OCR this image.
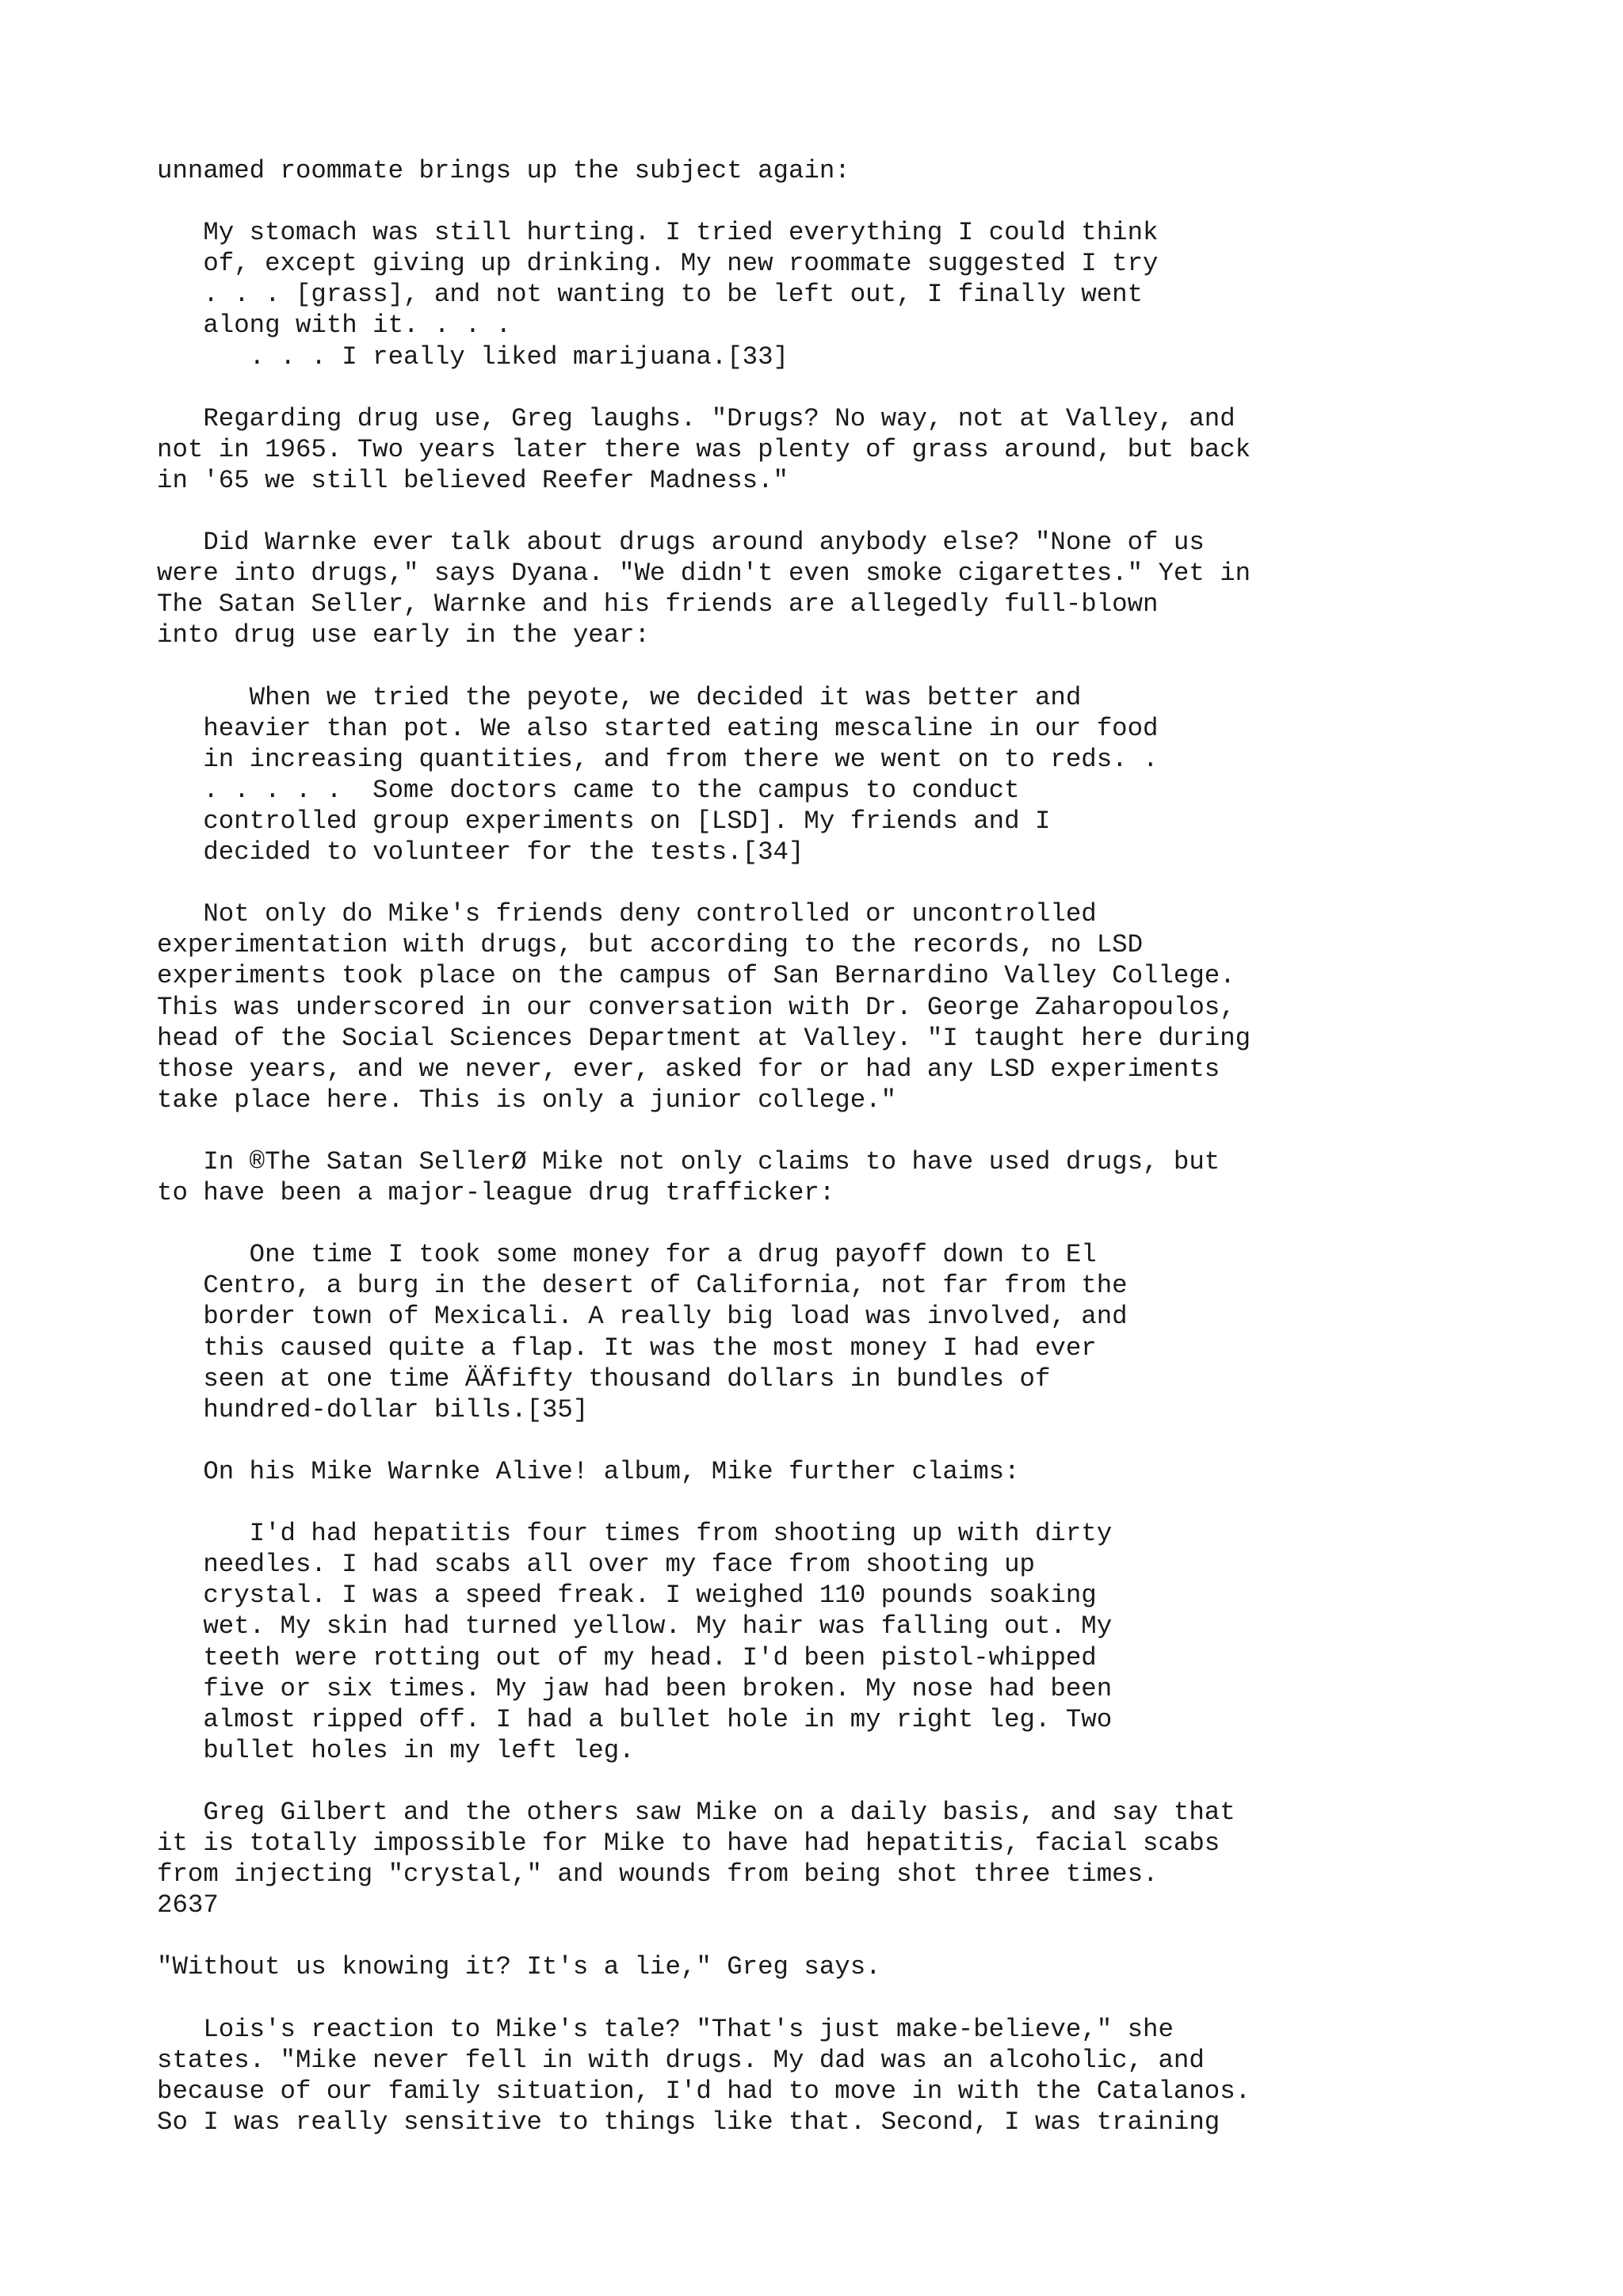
unnamed roommate brings up the subject again:
My stomach was still hurting. I tried everything I could think
of, except giving up drinking. My new roommate suggested I try
. . . [grass], and not wanting to be left out, I finally went
along with it. . . .
. . . I really liked marijuana.[33]
Regarding drug use, Greg laughs. "Drugs? No way, not at Valley, and
not in 1965. Two years later there was plenty of grass around, but back
in '65 we still believed Reefer Madness."
Did Warnke ever talk about drugs around anybody else? "None of us
were into drugs," says Dyana. "We didn't even smoke cigarettes." Yet in
The Satan Seller, Warnke and his friends are allegedly full-blown
into drug use early in the year:
When we tried the peyote, we decided it was better and
heavier than pot. We also started eating mescaline in our food
in increasing quantities, and from there we went on to reds. .
. . . . .  Some doctors came to the campus to conduct
controlled group experiments on [LSD]. My friends and I
decided to volunteer for the tests.[34]
Not only do Mike's friends deny controlled or uncontrolled
experimentation with drugs, but according to the records, no LSD
experiments took place on the campus of San Bernardino Valley College.
This was underscored in our conversation with Dr. George Zaharopoulos,
head of the Social Sciences Department at Valley. "I taught here during
those years, and we never, ever, asked for or had any LSD experiments
take place here. This is only a junior college."
In ®The Satan SellerØ Mike not only claims to have used drugs, but
to have been a major-league drug trafficker:
One time I took some money for a drug payoff down to El
Centro, a burg in the desert of California, not far from the
border town of Mexicali. A really big load was involved, and
this caused quite a flap. It was the most money I had ever
seen at one time ÄÄfifty thousand dollars in bundles of
hundred-dollar bills.[35]
On his Mike Warnke Alive! album, Mike further claims:
I'd had hepatitis four times from shooting up with dirty
needles. I had scabs all over my face from shooting up
crystal. I was a speed freak. I weighed 110 pounds soaking
wet. My skin had turned yellow. My hair was falling out. My
teeth were rotting out of my head. I'd been pistol-whipped
five or six times. My jaw had been broken. My nose had been
almost ripped off. I had a bullet hole in my right leg. Two
bullet holes in my left leg.
Greg Gilbert and the others saw Mike on a daily basis, and say that
it is totally impossible for Mike to have had hepatitis, facial scabs
from injecting "crystal," and wounds from being shot three times.
2637
"Without us knowing it? It's a lie," Greg says.
Lois's reaction to Mike's tale? "That's just make-believe," she
states. "Mike never fell in with drugs. My dad was an alcoholic, and
because of our family situation, I'd had to move in with the Catalanos.
So I was really sensitive to things like that. Second, I was training
